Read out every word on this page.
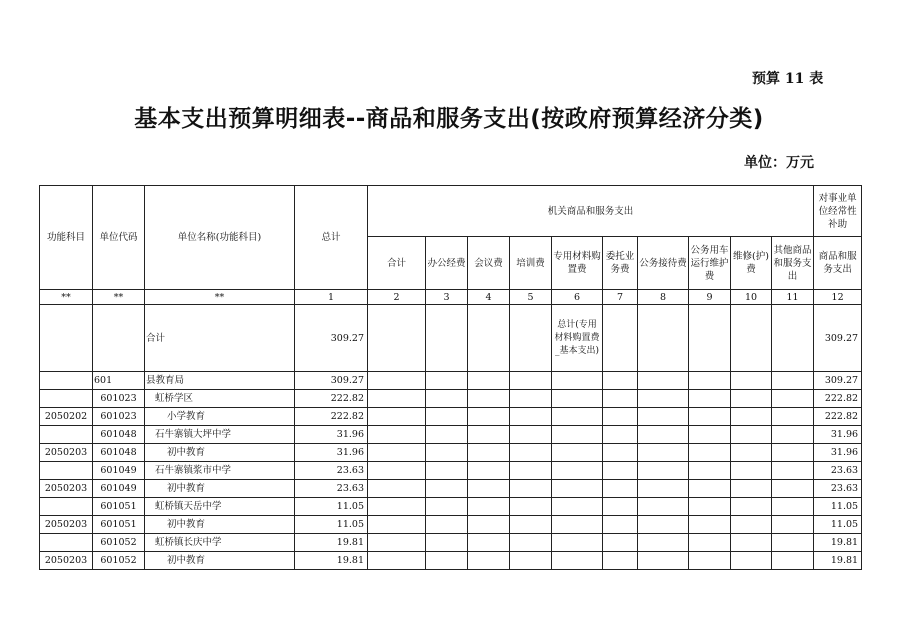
预算 11 表
基本支出预算明细表--商品和服务支出(按政府预算经济分类)
单位：万元
功能科目	单位代码	单位名称(功能科目)	总计	机关商品和服务支出										对事业单位经常性补助
				合计	办公经费	会议费	培训费	专用材料购置费	委托业务费	公务接待费	公务用车运行维护费	维修(护)费	其他商品和服务支出	商品和服务支出
**	**	**	1	2	3	4	5	6	7	8	9	10	11	12
		合计	309.27					总计(专用材料购置费_基本支出)						309.27
	601	县教育局	309.27											309.27
	601023	虹桥学区	222.82											222.82
2050202	601023	小学教育	222.82											222.82
	601048	石牛寨镇大坪中学	31.96											31.96
2050203	601048	初中教育	31.96											31.96
	601049	石牛寨镇浆市中学	23.63											23.63
2050203	601049	初中教育	23.63											23.63
	601051	虹桥镇天岳中学	11.05											11.05
2050203	601051	初中教育	11.05											11.05
	601052	虹桥镇长庆中学	19.81											19.81
2050203	601052	初中教育	19.81											19.81
